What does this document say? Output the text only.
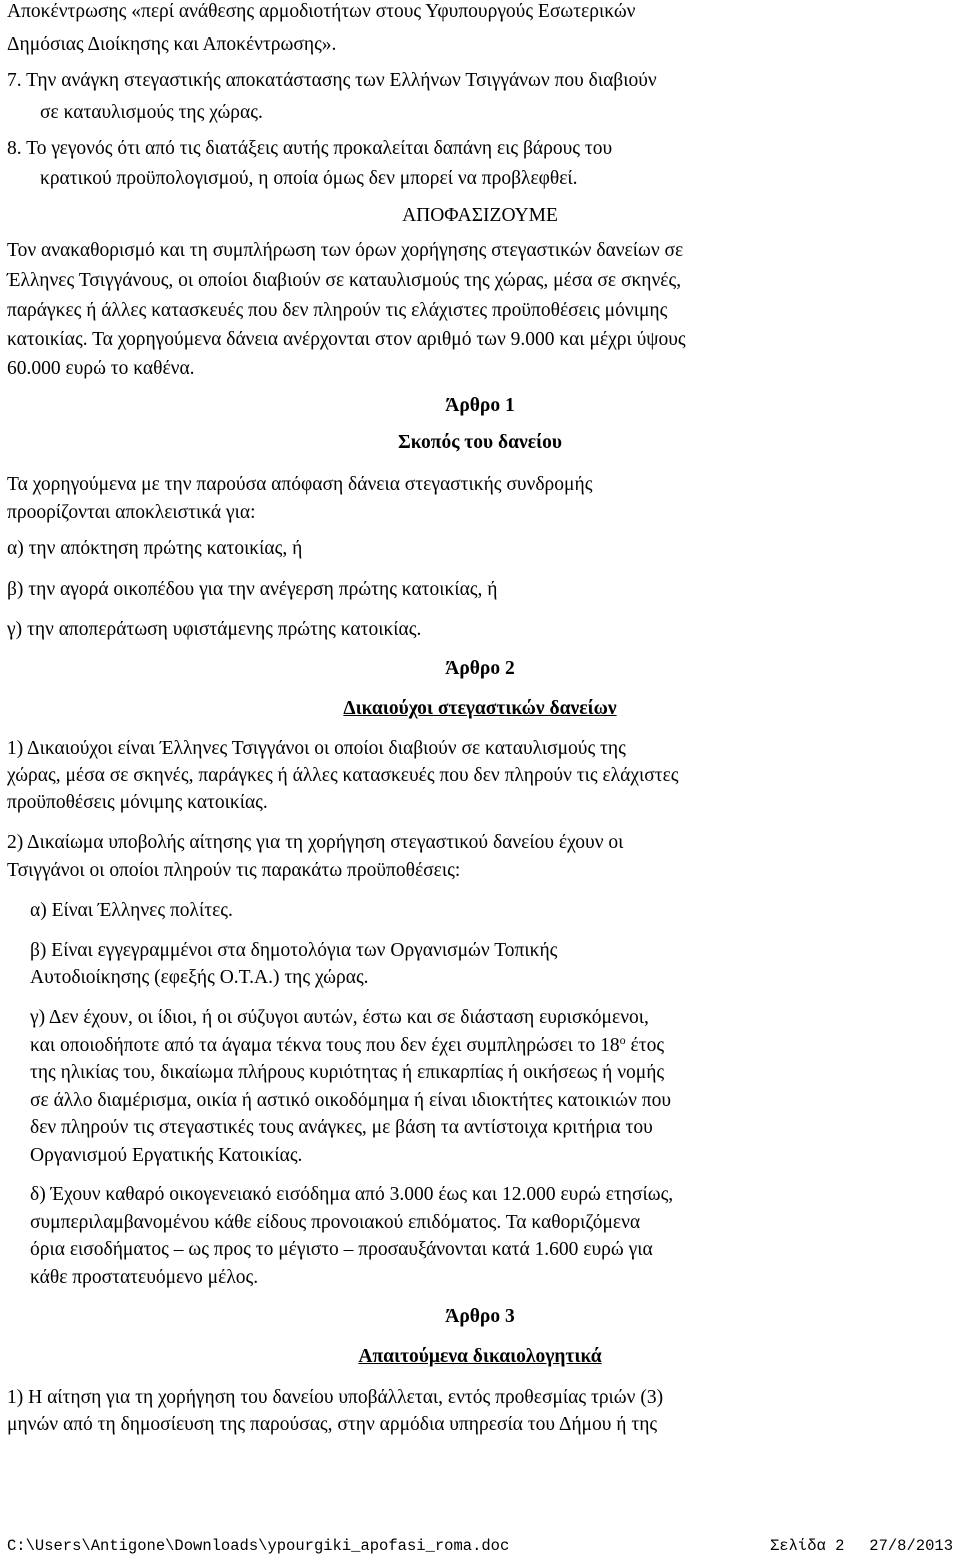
Αποκέντρωσης «περί ανάθεσης αρμοδιοτήτων στους Υφυπουργούς Εσωτερικών
Δημόσιας Διοίκησης και Αποκέντρωσης».
7. Την ανάγκη στεγαστικής αποκατάστασης των Ελλήνων Τσιγγάνων που διαβιούν
σε καταυλισμούς της χώρας.
8. Το γεγονός ότι από τις διατάξεις αυτής προκαλείται δαπάνη εις βάρους του
κρατικού προϋπολογισμού, η οποία όμως δεν μπορεί να προβλεφθεί.
ΑΠΟΦΑΣΙΖΟΥΜΕ
Τον ανακαθορισμό και τη συμπλήρωση των όρων χορήγησης στεγαστικών δανείων σε
Έλληνες Τσιγγάνους, οι οποίοι διαβιούν σε καταυλισμούς της χώρας, μέσα σε σκηνές,
παράγκες ή άλλες κατασκευές που δεν πληρούν τις ελάχιστες προϋποθέσεις μόνιμης
κατοικίας. Τα χορηγούμενα δάνεια ανέρχονται στον αριθμό των 9.000 και μέχρι ύψους
60.000 ευρώ το καθένα.
Άρθρο 1
Σκοπός του δανείου
Τα χορηγούμενα με την παρούσα απόφαση δάνεια στεγαστικής συνδρομής
προορίζονται αποκλειστικά για:
α) την απόκτηση πρώτης κατοικίας, ή
β) την αγορά οικοπέδου για την ανέγερση πρώτης κατοικίας, ή
γ) την αποπεράτωση υφιστάμενης πρώτης κατοικίας.
Άρθρο 2
Δικαιούχοι στεγαστικών δανείων
1) Δικαιούχοι είναι Έλληνες Τσιγγάνοι οι οποίοι διαβιούν σε καταυλισμούς της
χώρας, μέσα σε σκηνές, παράγκες ή άλλες κατασκευές που δεν πληρούν τις ελάχιστες
προϋποθέσεις μόνιμης κατοικίας.
2) Δικαίωμα υποβολής αίτησης για τη χορήγηση στεγαστικού δανείου έχουν οι
Τσιγγάνοι οι οποίοι πληρούν τις παρακάτω προϋποθέσεις:
α) Είναι Έλληνες πολίτες.
β) Είναι εγγεγραμμένοι στα δημοτολόγια των Οργανισμών Τοπικής
Αυτοδιοίκησης (εφεξής Ο.Τ.Α.) της χώρας.
γ) Δεν έχουν, οι ίδιοι, ή οι σύζυγοι αυτών, έστω και σε διάσταση ευρισκόμενοι,
και οποιοδήποτε από τα άγαμα τέκνα τους που δεν έχει συμπληρώσει το $18^o$ έτος
της ηλικίας του, δικαίωμα πλήρους κυριότητας ή επικαρπίας ή οικήσεως ή νομής
σε άλλο διαμέρισμα, οικία ή αστικό οικοδόμημα ή είναι ιδιοκτήτες κατοικιών που
δεν πληρούν τις στεγαστικές τους ανάγκες, με βάση τα αντίστοιχα κριτήρια του
Οργανισμού Εργατικής Κατοικίας.
δ) Έχουν καθαρό οικογενειακό εισόδημα από 3.000 έως και 12.000 ευρώ ετησίως,
συμπεριλαμβανομένου κάθε είδους προνοιακού επιδόματος. Τα καθοριζόμενα
όρια εισοδήματος – ως προς το μέγιστο – προσαυξάνονται κατά 1.600 ευρώ για
κάθε προστατευόμενο μέλος.
Άρθρο 3
Απαιτούμενα δικαιολογητικά
1) Η αίτηση για τη χορήγηση του δανείου υποβάλλεται, εντός προθεσμίας τριών (3)
μηνών από τη δημοσίευση της παρούσας, στην αρμόδια υπηρεσία του Δήμου ή της
C:\Users\Antigone\Downloads\ypourgiki_apofasi_roma.doc	Σελίδα 2 27/8/2013
